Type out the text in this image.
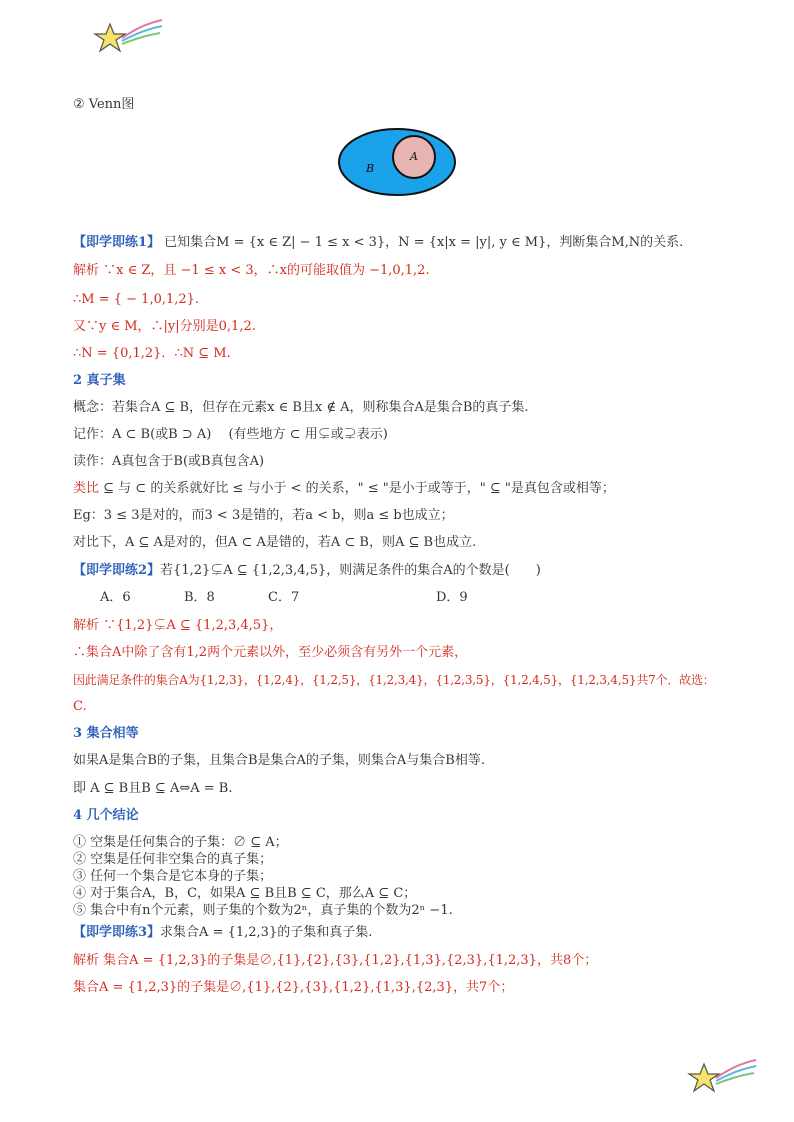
② Venn图
B
A
【即学即练1】 已知集合M = {x ∈ Z| − 1 ≤ x < 3}，N = {x|x = |y|, y ∈ M}，判断集合M,N的关系.
解析 ∵x ∈ Z，且 −1 ≤ x < 3，∴x的可能取值为 −1,0,1,2.
∴M = { − 1,0,1,2}.
又∵y ∈ M，∴|y|分别是0,1,2.
∴N = {0,1,2}．∴N ⊆ M.
2 真子集
概念：若集合A ⊆ B，但存在元素x ∈ B且x ∉ A，则称集合A是集合B的真子集.
记作：A ⊂ B(或B ⊃ A)　 (有些地方 ⊂ 用⊊或⊋表示)
读作：A真包含于B(或B真包含A)
类比 ⊆ 与 ⊂ 的关系就好比 ≤ 与小于 < 的关系，" ≤ "是小于或等于，" ⊆ "是真包含或相等；
Eg：3 ≤ 3是对的，而3 < 3是错的，若a < b，则a ≤ b也成立；
对比下，A ⊆ A是对的，但A ⊂ A是错的，若A ⊂ B，则A ⊆ B也成立.
【即学即练2】若{1,2}⊊A ⊆ {1,2,3,4,5}，则满足条件的集合A的个数是(　　)
A．6	B．8	C．7	D．9
解析 ∵{1,2}⊊A ⊆ {1,2,3,4,5}，
∴集合A中除了含有1,2两个元素以外，至少必须含有另外一个元素，
因此满足条件的集合A为{1,2,3}，{1,2,4}，{1,2,5}，{1,2,3,4}，{1,2,3,5}，{1,2,4,5}，{1,2,3,4,5}共7个．故选：
C.
3 集合相等
如果A是集合B的子集，且集合B是集合A的子集，则集合A与集合B相等.
即 A ⊆ B且B ⊆ A⇔A = B.
4 几个结论
① 空集是任何集合的子集：∅ ⊆ A；
② 空集是任何非空集合的真子集；
③ 任何一个集合是它本身的子集；
④ 对于集合A，B，C，如果A ⊆ B且B ⊆ C，那么A ⊆ C；
⑤ 集合中有n个元素，则子集的个数为2ⁿ，真子集的个数为2ⁿ −1.
【即学即练3】求集合A = {1,2,3}的子集和真子集.
解析 集合A = {1,2,3}的子集是∅,{1},{2},{3},{1,2},{1,3},{2,3},{1,2,3}，共8个；
集合A = {1,2,3}的子集是∅,{1},{2},{3},{1,2},{1,3},{2,3}，共7个；
